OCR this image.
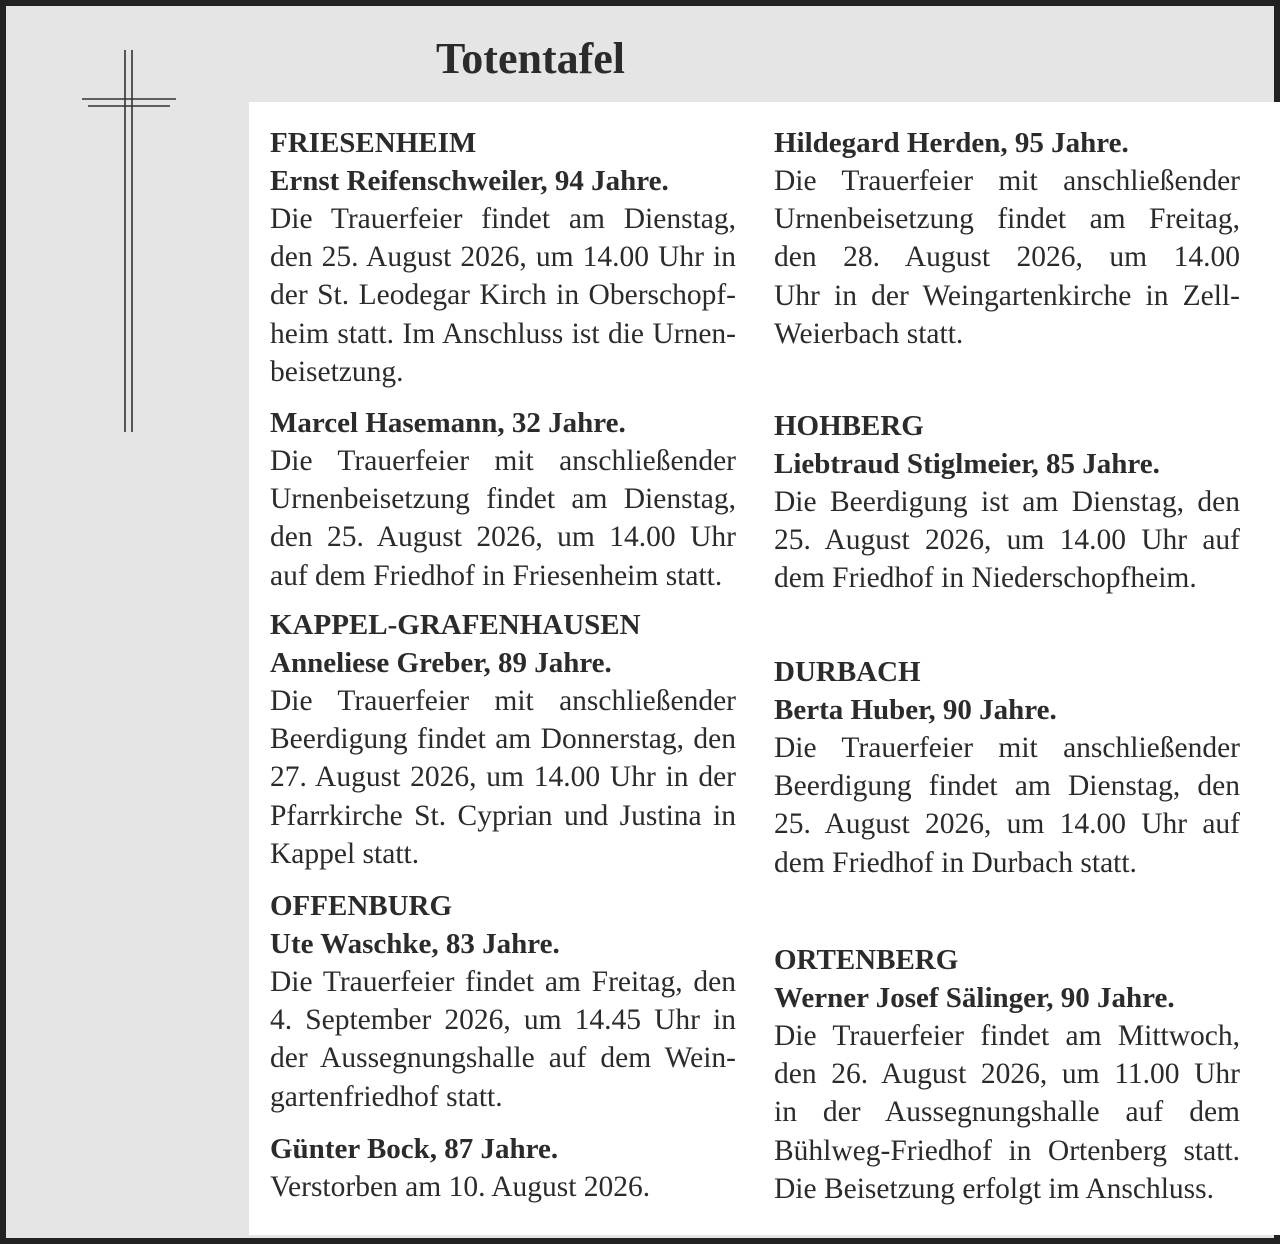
Totentafel
FRIESENHEIM
Ernst Reifenschweiler, 94 Jahre.
Die Trauerfeier findet am Dienstag,
den 25. August 2026, um 14.00 Uhr in
der St. Leodegar Kirch in Oberschopf-
heim statt. Im Anschluss ist die Urnen-
beisetzung.
Marcel Hasemann, 32 Jahre.
Die Trauerfeier mit anschließender
Urnenbeisetzung findet am Dienstag,
den 25. August 2026, um 14.00 Uhr
auf dem Friedhof in Friesenheim statt.
KAPPEL-GRAFENHAUSEN
Anneliese Greber, 89 Jahre.
Die Trauerfeier mit anschließender
Beerdigung findet am Donnerstag, den
27. August 2026, um 14.00 Uhr in der
Pfarrkirche St. Cyprian und Justina in
Kappel statt.
OFFENBURG
Ute Waschke, 83 Jahre.
Die Trauerfeier findet am Freitag, den
4. September 2026, um 14.45 Uhr in
der Aussegnungshalle auf dem Wein-
gartenfriedhof statt.
Günter Bock, 87 Jahre.
Verstorben am 10. August 2026.
Hildegard Herden, 95 Jahre.
Die Trauerfeier mit anschließender
Urnenbeisetzung findet am Freitag,
den 28. August 2026, um 14.00
Uhr in der Weingartenkirche in Zell-
Weierbach statt.
HOHBERG
Liebtraud Stiglmeier, 85 Jahre.
Die Beerdigung ist am Dienstag, den
25. August 2026, um 14.00 Uhr auf
dem Friedhof in Niederschopfheim.
DURBACH
Berta Huber, 90 Jahre.
Die Trauerfeier mit anschließender
Beerdigung findet am Dienstag, den
25. August 2026, um 14.00 Uhr auf
dem Friedhof in Durbach statt.
ORTENBERG
Werner Josef Sälinger, 90 Jahre.
Die Trauerfeier findet am Mittwoch,
den 26. August 2026, um 11.00 Uhr
in der Aussegnungshalle auf dem
Bühlweg-Friedhof in Ortenberg statt.
Die Beisetzung erfolgt im Anschluss.
